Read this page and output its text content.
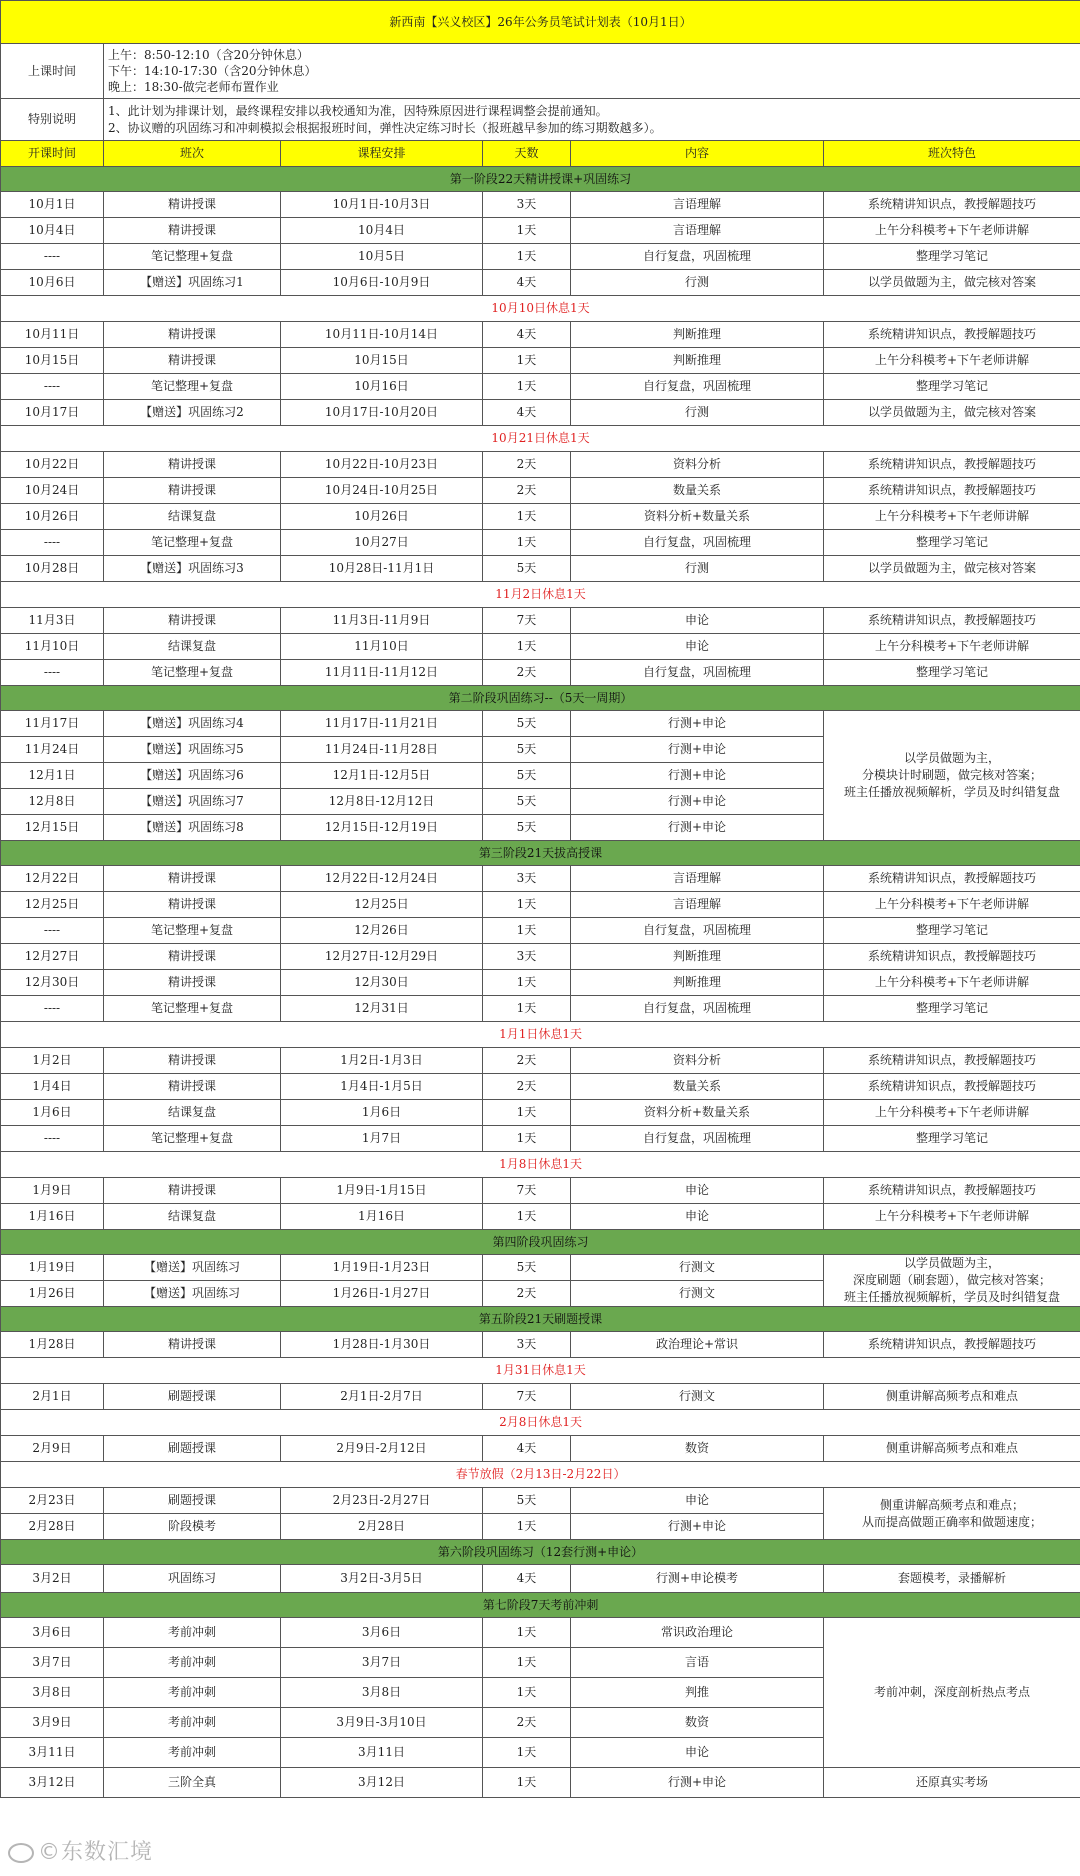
新西南【兴义校区】26年公务员笔试计划表（10月1日）					
上课时间	上午：8:50-12:10（含20分钟休息）
下午：14:10-17:30（含20分钟休息）
晚上：18:30-做完老师布置作业				

特别说明	1、此计划为排课计划，最终课程安排以我校通知为准，因特殊原因进行课程调整会提前通知。
2、协议赠的巩固练习和冲刺模拟会根据报班时间，弹性决定练习时长（报班越早参加的练习期数越多）。				

开课时间	班次	课程安排	天数	内容	班次特色
第一阶段22天精讲授课+巩固练习					
10月1日	精讲授课	10月1日-10月3日	3天	言语理解	系统精讲知识点，教授解题技巧
10月4日	精讲授课	10月4日	1天	言语理解	上午分科模考+下午老师讲解
----	笔记整理+复盘	10月5日	1天	自行复盘，巩固梳理	整理学习笔记
10月6日	【赠送】巩固练习1	10月6日-10月9日	4天	行测	以学员做题为主，做完核对答案
10月10日休息1天					
10月11日	精讲授课	10月11日-10月14日	4天	判断推理	系统精讲知识点，教授解题技巧
10月15日	精讲授课	10月15日	1天	判断推理	上午分科模考+下午老师讲解
----	笔记整理+复盘	10月16日	1天	自行复盘，巩固梳理	整理学习笔记
10月17日	【赠送】巩固练习2	10月17日-10月20日	4天	行测	以学员做题为主，做完核对答案
10月21日休息1天					
10月22日	精讲授课	10月22日-10月23日	2天	资料分析	系统精讲知识点，教授解题技巧
10月24日	精讲授课	10月24日-10月25日	2天	数量关系	系统精讲知识点，教授解题技巧
10月26日	结课复盘	10月26日	1天	资料分析+数量关系	上午分科模考+下午老师讲解
----	笔记整理+复盘	10月27日	1天	自行复盘，巩固梳理	整理学习笔记
10月28日	【赠送】巩固练习3	10月28日-11月1日	5天	行测	以学员做题为主，做完核对答案
11月2日休息1天					
11月3日	精讲授课	11月3日-11月9日	7天	申论	系统精讲知识点，教授解题技巧
11月10日	结课复盘	11月10日	1天	申论	上午分科模考+下午老师讲解
----	笔记整理+复盘	11月11日-11月12日	2天	自行复盘，巩固梳理	整理学习笔记
第二阶段巩固练习--（5天一周期）					
11月17日	【赠送】巩固练习4	11月17日-11月21日	5天	行测+申论	以学员做题为主，
分模块计时刷题，做完核对答案；
班主任播放视频解析，学员及时纠错复盘

11月24日	【赠送】巩固练习5	11月24日-11月28日	5天	行测+申论	
12月1日	【赠送】巩固练习6	12月1日-12月5日	5天	行测+申论	
12月8日	【赠送】巩固练习7	12月8日-12月12日	5天	行测+申论	
12月15日	【赠送】巩固练习8	12月15日-12月19日	5天	行测+申论	
第三阶段21天拔高授课					
12月22日	精讲授课	12月22日-12月24日	3天	言语理解	系统精讲知识点，教授解题技巧
12月25日	精讲授课	12月25日	1天	言语理解	上午分科模考+下午老师讲解
----	笔记整理+复盘	12月26日	1天	自行复盘，巩固梳理	整理学习笔记
12月27日	精讲授课	12月27日-12月29日	3天	判断推理	系统精讲知识点，教授解题技巧
12月30日	精讲授课	12月30日	1天	判断推理	上午分科模考+下午老师讲解
----	笔记整理+复盘	12月31日	1天	自行复盘，巩固梳理	整理学习笔记
1月1日休息1天					
1月2日	精讲授课	1月2日-1月3日	2天	资料分析	系统精讲知识点，教授解题技巧
1月4日	精讲授课	1月4日-1月5日	2天	数量关系	系统精讲知识点，教授解题技巧
1月6日	结课复盘	1月6日	1天	资料分析+数量关系	上午分科模考+下午老师讲解
----	笔记整理+复盘	1月7日	1天	自行复盘，巩固梳理	整理学习笔记
1月8日休息1天					
1月9日	精讲授课	1月9日-1月15日	7天	申论	系统精讲知识点，教授解题技巧
1月16日	结课复盘	1月16日	1天	申论	上午分科模考+下午老师讲解
第四阶段巩固练习					
1月19日	【赠送】巩固练习	1月19日-1月23日	5天	行测文	以学员做题为主，
深度刷题（刷套题），做完核对答案；
班主任播放视频解析，学员及时纠错复盘

1月26日	【赠送】巩固练习	1月26日-1月27日	2天	行测文	
第五阶段21天刷题授课					
1月28日	精讲授课	1月28日-1月30日	3天	政治理论+常识	系统精讲知识点，教授解题技巧
1月31日休息1天					
2月1日	刷题授课	2月1日-2月7日	7天	行测文	侧重讲解高频考点和难点
2月8日休息1天					
2月9日	刷题授课	2月9日-2月12日	4天	数资	侧重讲解高频考点和难点
春节放假（2月13日-2月22日）					
2月23日	刷题授课	2月23日-2月27日	5天	申论	侧重讲解高频考点和难点；
从而提高做题正确率和做题速度；

2月28日	阶段模考	2月28日	1天	行测+申论	
第六阶段巩固练习（12套行测+申论）					
3月2日	巩固练习	3月2日-3月5日	4天	行测+申论模考	套题模考，录播解析
第七阶段7天考前冲刺					
3月6日	考前冲刺	3月6日	1天	常识政治理论	考前冲刺，深度剖析热点考点

3月7日	考前冲刺	3月7日	1天	言语	
3月8日	考前冲刺	3月8日	1天	判推	
3月9日	考前冲刺	3月9日-3月10日	2天	数资	
3月11日	考前冲刺	3月11日	1天	申论	
3月12日	三阶全真	3月12日	1天	行测+申论	还原真实考场
©东数汇境
